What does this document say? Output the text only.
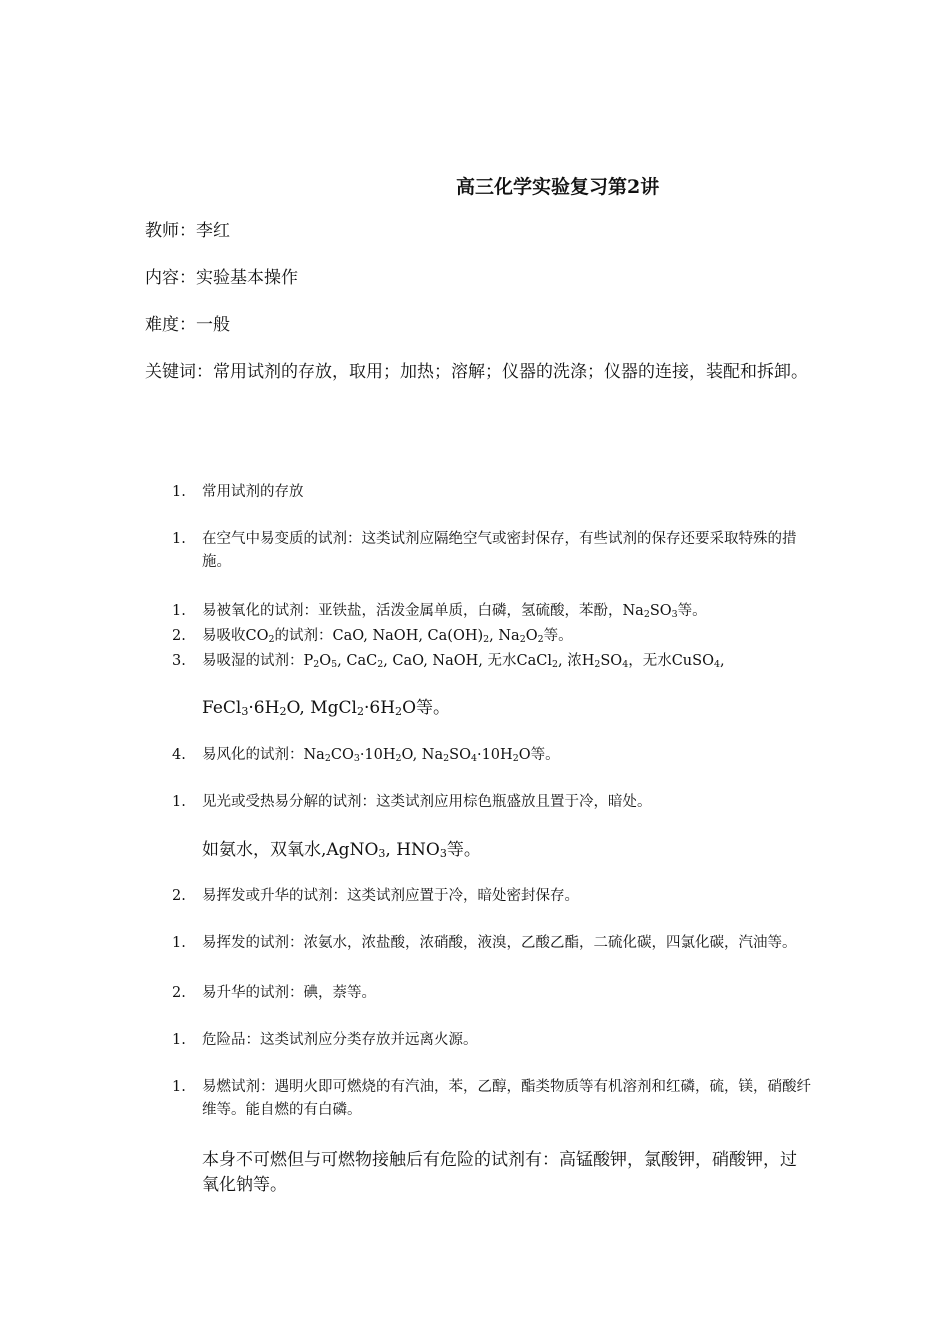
高三化学实验复习第2讲
教师：李红
内容：实验基本操作
难度：一般
关键词：常用试剂的存放，取用；加热；溶解；仪器的洗涤；仪器的连接，装配和拆卸。
1.	常用试剂的存放
1.	在空气中易变质的试剂：这类试剂应隔绝空气或密封保存，有些试剂的保存还要采取特殊的措施。
1.	易被氧化的试剂：亚铁盐，活泼金属单质，白磷，氢硫酸，苯酚，$Na_2SO_3$等。
2.	易吸收$CO_2$的试剂：CaO, NaOH, $Ca(OH)_2$, $Na_2O_2$等。
3.	易吸湿的试剂：$P_2O_5$, CaC$_2$, CaO, NaOH, 无水CaCl$_2$, 浓$H_2SO_4$，无水CuSO$_4$,
$FeCl_3\cdot 6H_2O$, $MgCl_2\cdot 6H_2O$等。
4.	易风化的试剂：$Na_2CO_3\cdot 10H_2O$, $Na_2SO_4\cdot 10H_2O$等。
1.	见光或受热易分解的试剂：这类试剂应用棕色瓶盛放且置于冷，暗处。
如氨水，双氧水,AgNO$_3$, $HNO_3$等。
2.	易挥发或升华的试剂：这类试剂应置于冷，暗处密封保存。
1.	易挥发的试剂：浓氨水，浓盐酸，浓硝酸，液溴，乙酸乙酯，二硫化碳，四氯化碳，汽油等。
2.	易升华的试剂：碘，萘等。
1.	危险品：这类试剂应分类存放并远离火源。
1.	易燃试剂：遇明火即可燃烧的有汽油，苯，乙醇，酯类物质等有机溶剂和红磷，硫，镁，硝酸纤维等。能自燃的有白磷。
本身不可燃但与可燃物接触后有危险的试剂有：高锰酸钾，氯酸钾，硝酸钾，过氧化钠等。
